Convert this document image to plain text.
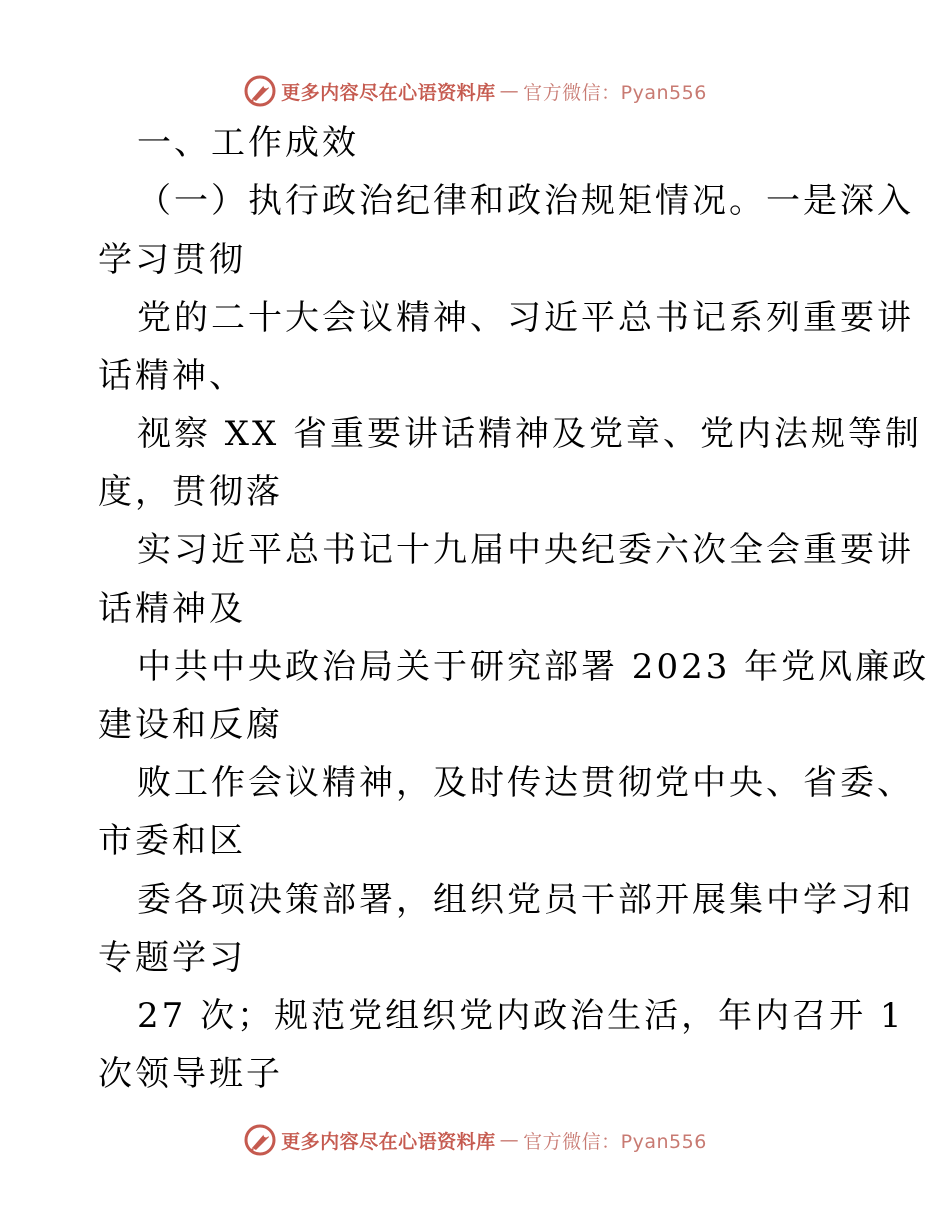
更多内容尽在心语资料库 — 官方微信：Pyan556
一、工作成效
（一）执行政治纪律和政治规矩情况。一是深入
学习贯彻
党的二十大会议精神、习近平总书记系列重要讲
话精神、
视察 XX 省重要讲话精神及党章、党内法规等制
度，贯彻落
实习近平总书记十九届中央纪委六次全会重要讲
话精神及
中共中央政治局关于研究部署 2023 年党风廉政
建设和反腐
败工作会议精神，及时传达贯彻党中央、省委、
市委和区
委各项决策部署，组织党员干部开展集中学习和
专题学习
27 次；规范党组织党内政治生活，年内召开 1
次领导班子
更多内容尽在心语资料库 — 官方微信：Pyan556
